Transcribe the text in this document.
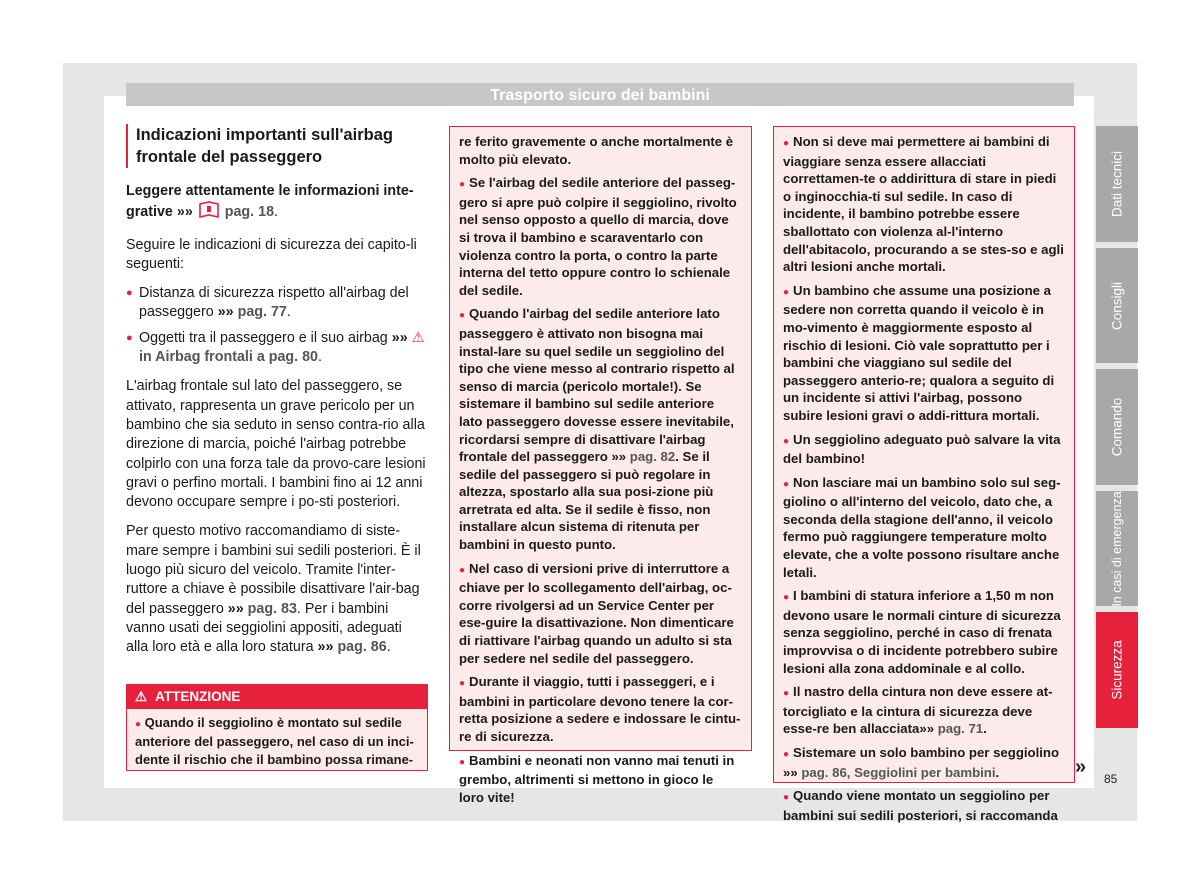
Trasporto sicuro dei bambini
Indicazioni importanti sull'airbag frontale del passeggero

Leggere attentamente le informazioni inte-grative »» pag. 18.

Seguire le indicazioni di sicurezza dei capito-li seguenti:

● Distanza di sicurezza rispetto all'airbag del passeggero »» pag. 77.
● Oggetti tra il passeggero e il suo airbag »» ⚠ in Airbag frontali a pag. 80.

L'airbag frontale sul lato del passeggero, se attivato, rappresenta un grave pericolo per un bambino che sia seduto in senso contra-rio alla direzione di marcia, poiché l'airbag potrebbe colpirlo con una forza tale da provo-care lesioni gravi o perfino mortali. I bambini fino ai 12 anni devono occupare sempre i po-sti posteriori.

Per questo motivo raccomandiamo di siste-mare sempre i bambini sui sedili posteriori. È il luogo più sicuro del veicolo. Tramite l'inter-ruttore a chiave è possibile disattivare l'air-bag del passeggero »» pag. 83. Per i bambini vanno usati dei seggiolini appositi, adeguati alla loro età e alla loro statura »» pag. 86.

⚠ ATTENZIONE
● Quando il seggiolino è montato sul sedile anteriore del passeggero, nel caso di un inci-dente il rischio che il bambino possa rimane-
re ferito gravemente o anche mortalmente è molto più elevato.
● Se l'airbag del sedile anteriore del passeg-gero si apre può colpire il seggiolino, rivolto nel senso opposto a quello di marcia, dove si trova il bambino e scaraventarlo con violenza contro la porta, o contro la parte interna del tetto oppure contro lo schienale del sedile.
● Quando l'airbag del sedile anteriore lato passeggero è attivato non bisogna mai instal-lare su quel sedile un seggiolino del tipo che viene messo al contrario rispetto al senso di marcia (pericolo mortale!). Se sistemare il bambino sul sedile anteriore lato passeggero dovesse essere inevitabile, ricordarsi sempre di disattivare l'airbag frontale del passeggero »» pag. 82. Se il sedile del passeggero si può regolare in altezza, spostarlo alla sua posi-zione più arretrata ed alta. Se il sedile è fisso, non installare alcun sistema di ritenuta per bambini in questo punto.
● Nel caso di versioni prive di interruttore a chiave per lo scollegamento dell'airbag, oc-corre rivolgersi ad un Service Center per ese-guire la disattivazione. Non dimenticare di riattivare l'airbag quando un adulto si sta per sedere nel sedile del passeggero.
● Durante il viaggio, tutti i passeggeri, e i bambini in particolare devono tenere la cor-retta posizione a sedere e indossare le cintu-re di sicurezza.
● Bambini e neonati non vanno mai tenuti in grembo, altrimenti si mettono in gioco le loro vite!
● Non si deve mai permettere ai bambini di viaggiare senza essere allacciati correttamen-te o addirittura di stare in piedi o inginocchia-ti sul sedile. In caso di incidente, il bambino potrebbe essere sballottato con violenza al-l'interno dell'abitacolo, procurando a se stes-so e agli altri lesioni anche mortali.
● Un bambino che assume una posizione a sedere non corretta quando il veicolo è in mo-vimento è maggiormente esposto al rischio di lesioni. Ciò vale soprattutto per i bambini che viaggiano sul sedile del passeggero anterio-re; qualora a seguito di un incidente si attivi l'airbag, possono subire lesioni gravi o addi-rittura mortali.
● Un seggiolino adeguato può salvare la vita del bambino!
● Non lasciare mai un bambino solo sul seg-giolino o all'interno del veicolo, dato che, a seconda della stagione dell'anno, il veicolo fermo può raggiungere temperature molto elevate, che a volte possono risultare anche letali.
● I bambini di statura inferiore a 1,50 m non devono usare le normali cinture di sicurezza senza seggiolino, perché in caso di frenata improvvisa o di incidente potrebbero subire lesioni alla zona addominale e al collo.
● Il nastro della cintura non deve essere at-torcigliato e la cintura di sicurezza deve esse-re ben allacciata»» pag. 71.
● Sistemare un solo bambino per seggiolino »» pag. 86, Seggiolini per bambini.
● Quando viene montato un seggiolino per bambini sui sedili posteriori, si raccomanda
»
Dati tecnici
Consigli
Comando
In casi di emergenza
Sicurezza
85
